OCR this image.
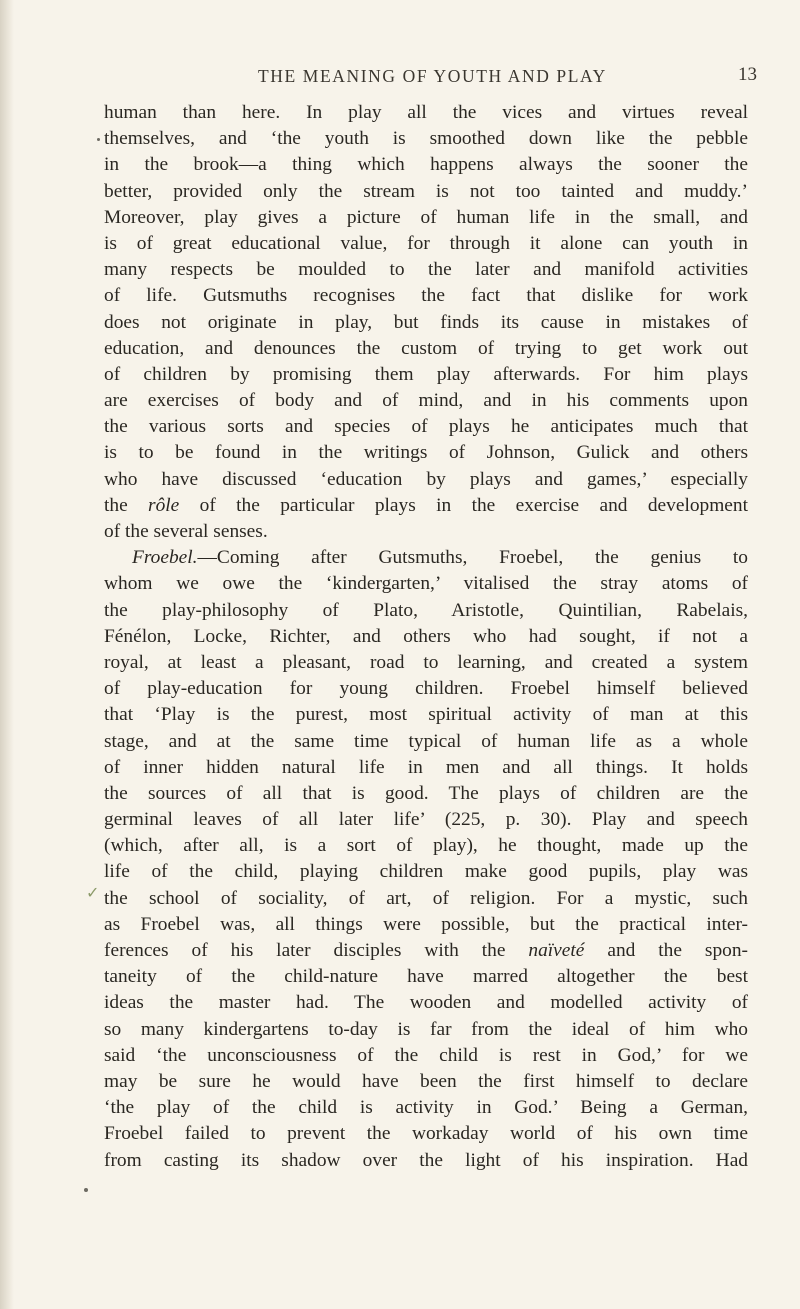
THE MEANING OF YOUTH AND PLAY	13
✓
human than here. In play all the vices and virtues reveal
themselves, and ‘the youth is smoothed down like the pebble
in the brook—a thing which happens always the sooner the
better, provided only the stream is not too tainted and muddy.’
Moreover, play gives a picture of human life in the small, and
is of great educational value, for through it alone can youth in
many respects be moulded to the later and manifold activities
of life. Gutsmuths recognises the fact that dislike for work
does not originate in play, but finds its cause in mistakes of
education, and denounces the custom of trying to get work out
of children by promising them play afterwards. For him plays
are exercises of body and of mind, and in his comments upon
the various sorts and species of plays he anticipates much that
is to be found in the writings of Johnson, Gulick and others
who have discussed ‘education by plays and games,’ especially
the rôle of the particular plays in the exercise and development
of the several senses.
Froebel.—Coming after Gutsmuths, Froebel, the genius to
whom we owe the ‘kindergarten,’ vitalised the stray atoms of
the play-philosophy of Plato, Aristotle, Quintilian, Rabelais,
Fénélon, Locke, Richter, and others who had sought, if not a
royal, at least a pleasant, road to learning, and created a system
of play-education for young children. Froebel himself believed
that ‘Play is the purest, most spiritual activity of man at this
stage, and at the same time typical of human life as a whole
of inner hidden natural life in men and all things. It holds
the sources of all that is good. The plays of children are the
germinal leaves of all later life’ (225, p. 30). Play and speech
(which, after all, is a sort of play), he thought, made up the
life of the child, playing children make good pupils, play was
the school of sociality, of art, of religion. For a mystic, such
as Froebel was, all things were possible, but the practical inter-
ferences of his later disciples with the naïveté and the spon-
taneity of the child-nature have marred altogether the best
ideas the master had. The wooden and modelled activity of
so many kindergartens to-day is far from the ideal of him who
said ‘the unconsciousness of the child is rest in God,’ for we
may be sure he would have been the first himself to declare
‘the play of the child is activity in God.’ Being a German,
Froebel failed to prevent the workaday world of his own time
from casting its shadow over the light of his inspiration. Had
